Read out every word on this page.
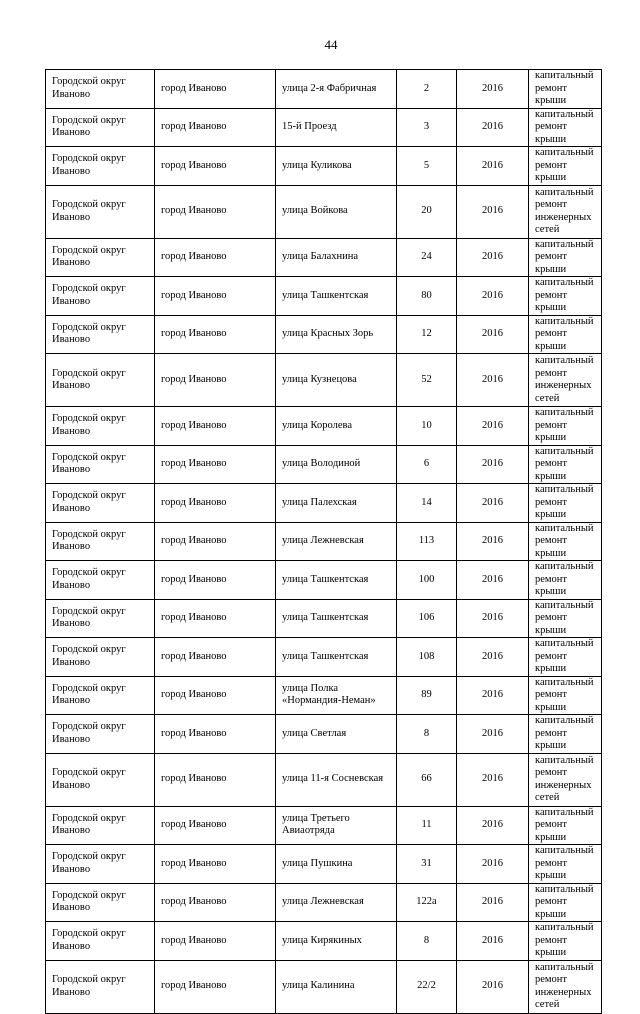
44
Городской округ Иваново	город Иваново	улица 2-я Фабричная	2	2016	капитальный ремонт крыши
Городской округ Иваново	город Иваново	15-й Проезд	3	2016	капитальный ремонт крыши
Городской округ Иваново	город Иваново	улица Куликова	5	2016	капитальный ремонт крыши
Городской округ Иваново	город Иваново	улица Войкова	20	2016	капитальный ремонт инженерных сетей
Городской округ Иваново	город Иваново	улица Балахнина	24	2016	капитальный ремонт крыши
Городской округ Иваново	город Иваново	улица Ташкентская	80	2016	капитальный ремонт крыши
Городской округ Иваново	город Иваново	улица Красных Зорь	12	2016	капитальный ремонт крыши
Городской округ Иваново	город Иваново	улица Кузнецова	52	2016	капитальный ремонт инженерных сетей
Городской округ Иваново	город Иваново	улица Королева	10	2016	капитальный ремонт крыши
Городской округ Иваново	город Иваново	улица Володиной	6	2016	капитальный ремонт крыши
Городской округ Иваново	город Иваново	улица Палехская	14	2016	капитальный ремонт крыши
Городской округ Иваново	город Иваново	улица Лежневская	113	2016	капитальный ремонт крыши
Городской округ Иваново	город Иваново	улица Ташкентская	100	2016	капитальный ремонт крыши
Городской округ Иваново	город Иваново	улица Ташкентская	106	2016	капитальный ремонт крыши
Городской округ Иваново	город Иваново	улица Ташкентская	108	2016	капитальный ремонт крыши
Городской округ Иваново	город Иваново	улица Полка «Нормандия-Неман»	89	2016	капитальный ремонт крыши
Городской округ Иваново	город Иваново	улица Светлая	8	2016	капитальный ремонт крыши
Городской округ Иваново	город Иваново	улица 11-я Сосневская	66	2016	капитальный ремонт инженерных сетей
Городской округ Иваново	город Иваново	улица Третьего Авиаотряда	11	2016	капитальный ремонт крыши
Городской округ Иваново	город Иваново	улица Пушкина	31	2016	капитальный ремонт крыши
Городской округ Иваново	город Иваново	улица Лежневская	122а	2016	капитальный ремонт крыши
Городской округ Иваново	город Иваново	улица Кирякиных	8	2016	капитальный ремонт крыши
Городской округ Иваново	город Иваново	улица Калинина	22/2	2016	капитальный ремонт инженерных сетей
